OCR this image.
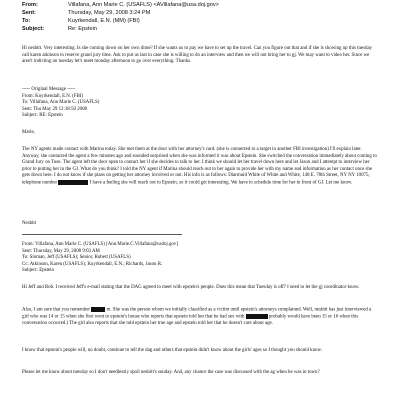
From:	Villafana, Ann Marie C. (USAFLS) <AVillafana@usa.doj.gov>
Sent:	Thursday, May 29, 2008 3:24 PM
To:	Kuyrkendall, E.N. (MM) (FBI)
Subject:	Re: Epstein

Hi nesbitt. Very interesting. Is she coming down on her own dime? If she wants us to pay we have to set up the travel. Can you figure out that and if she is showing up this tuesday call karen atkinson to reserve grand jury time. Ask to put us last in case she is willing to do an interview and then we will not bring her to gj. We may want to video her. Since we aren't indicting on tuesday let's meet monday afternoon to go over everything. Thanks.

----- Original Message -----

From: Kuyrkendall, E.N. (FBI)

To: Villafana, Ann Marie C. (USAFLS)

Sent: Thu May 29 12:18:50 2008

Subject: RE: Epstein

Marie,

The NY agents made contact with Marina today. She met them at the door with her attorney's card. (she is connected to a target in another FBI investigation) I'll explain later. Anyway, she contacted the agent a few minutes ago and sounded surprised when she was informed it was about Epstein. She switched the conversation immediately about coming to Grand Jury on Tues. The agent left the door open to contact her if she decides to talk to her. I think we should let her travel down here and let Jason and I attempt to interview her prior to putting her in the GJ. What do you think? I told the NY agent if Marina should reach out to her again to provide her with my name and information as her contact once she gets down here. I do not know if she plans on getting her attorney involved or not. His info is as follows: Diarmuid White of White and White, 148 E. 78th Street, NY NY 10075, telephone number	I have a feeling she will reach out to Epstein, so it could get interesting. We have to schedule time for her in front of GJ. Let me know.

Nesbitt

From: Villafana, Ann Marie C. (USAFLS) [Ann.Marie.C.Villafana@usdoj.gov]

Sent: Thursday, May 29, 2008 9:03 AM

To: Sloman, Jeff (USAFLS); Senior, Robert (USAFLS)

Cc: Atkinson, Karen (USAFLS); Kuyrkendall, E.N.; Richards, Jason R.

Subject: Epstein

Hi Jeff and Bob. I received Jeff's e-mail stating that the DAG agreed to meet with epstein's people. Does this mean that Tuesday is off? I need to let the gj coordinator know.

Also, I am sure that you remember	m. She was the person whom we initially classified as a victim until epstein's attorneys complained. Well, nesbitt has just interviewed a girl who was 14 or 15 when she first went to epstein's house who reports that epstein told her that he had sex with	probably would have been 15 or 16 when this conversation occurred.) The girl also reports that she told epstein her true age and epstein told her that he doesn't care about age.

I know that epstein's people will, no doubt, continue to tell the dag and others that epstein didn't know about the girls' ages so I thought you should know.

Please let me know about tuesday so I don't needlessly spoil nesbitt's sunday. And, any chance the case was discussed with the ag when he was in town?
